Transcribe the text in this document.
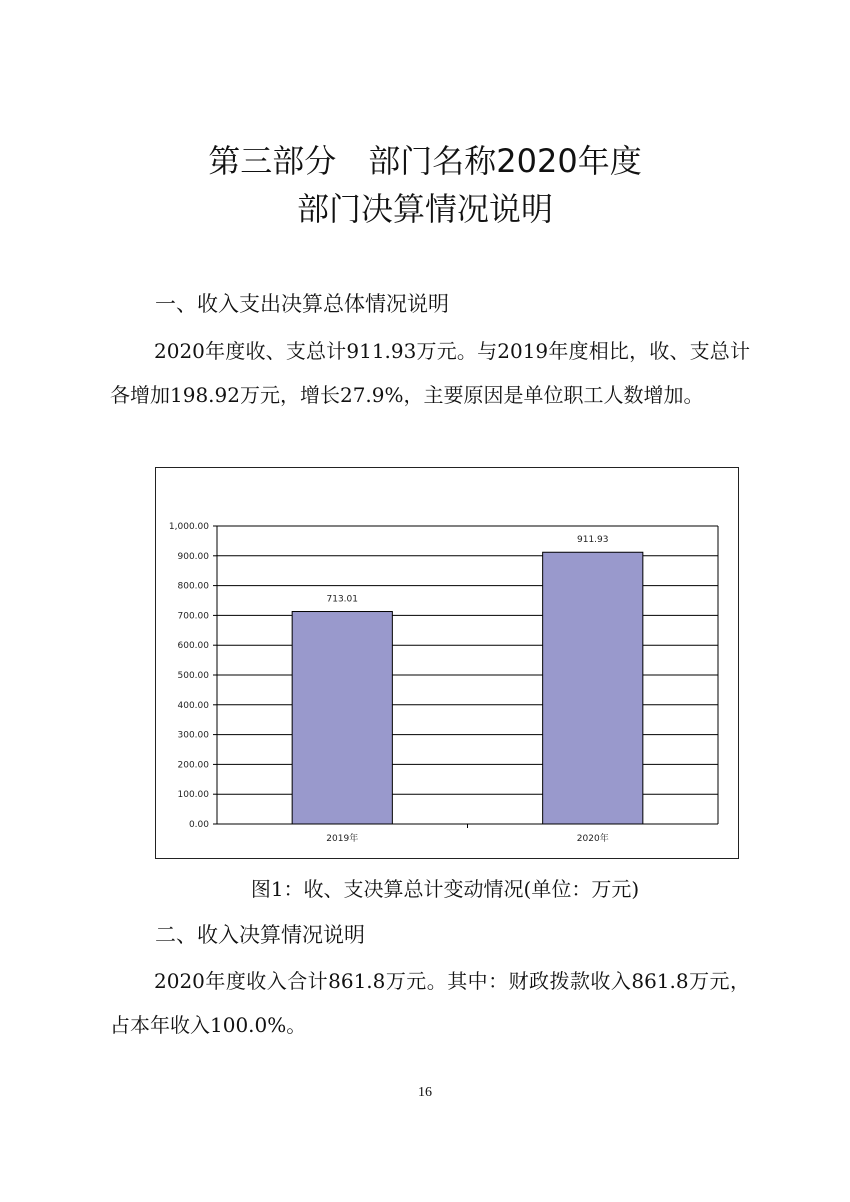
第三部分　部门名称2020年度
部门决算情况说明
一、收入支出决算总体情况说明
2020年度收、支总计911.93万元。与2019年度相比，收、支总计各增加198.92万元，增长27.9%，主要原因是单位职工人数增加。
0.00
100.00
200.00
300.00
400.00
500.00
600.00
700.00
800.00
900.00
1,000.00
713.01
2019年
911.93
2020年
图1：收、支决算总计变动情况(单位：万元)
二、收入决算情况说明
2020年度收入合计861.8万元。其中：财政拨款收入861.8万元，占本年收入100.0%。
16
